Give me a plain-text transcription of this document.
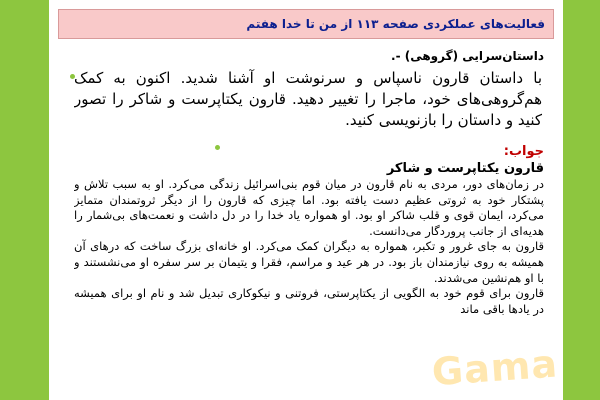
فعالیت‌های عملکردی صفحه ۱۱۳ از من تا خدا هفتم
داستان‌سرایی (گروهی) -.
با داستان قارون ناسپاس و سرنوشت او آشنا شدید. اکنون به کمک هم‌گروهی‌های خود، ماجرا را تغییر دهید. قارون یکتاپرست و شاکر را تصور کنید و داستان را بازنویسی کنید.
جواب:
قارون یکتاپرست و شاکر

در زمان‌های دور، مردی به نام قارون در میان قوم بنی‌اسرائیل زندگی می‌کرد. او به سبب تلاش و پشتکار خود به ثروتی عظیم دست یافته بود. اما چیزی که قارون را از دیگر ثروتمندان متمایز می‌کرد، ایمان قوی و قلب شاکر او بود. او همواره یاد خدا را در دل داشت و نعمت‌های بی‌شمار را هدیه‌ای از جانب پروردگار می‌دانست.

قارون به جای غرور و تکبر، همواره به دیگران کمک می‌کرد. او خانه‌ای بزرگ ساخت که درهای آن همیشه به روی نیازمندان باز بود. در هر عید و مراسم، فقرا و یتیمان بر سر سفره او می‌نشستند و با او هم‌نشین می‌شدند.

قارون برای قوم خود به الگویی از یکتاپرستی، فروتنی و نیکوکاری تبدیل شد و نام او برای همیشه در یادها باقی ماند

Gama
